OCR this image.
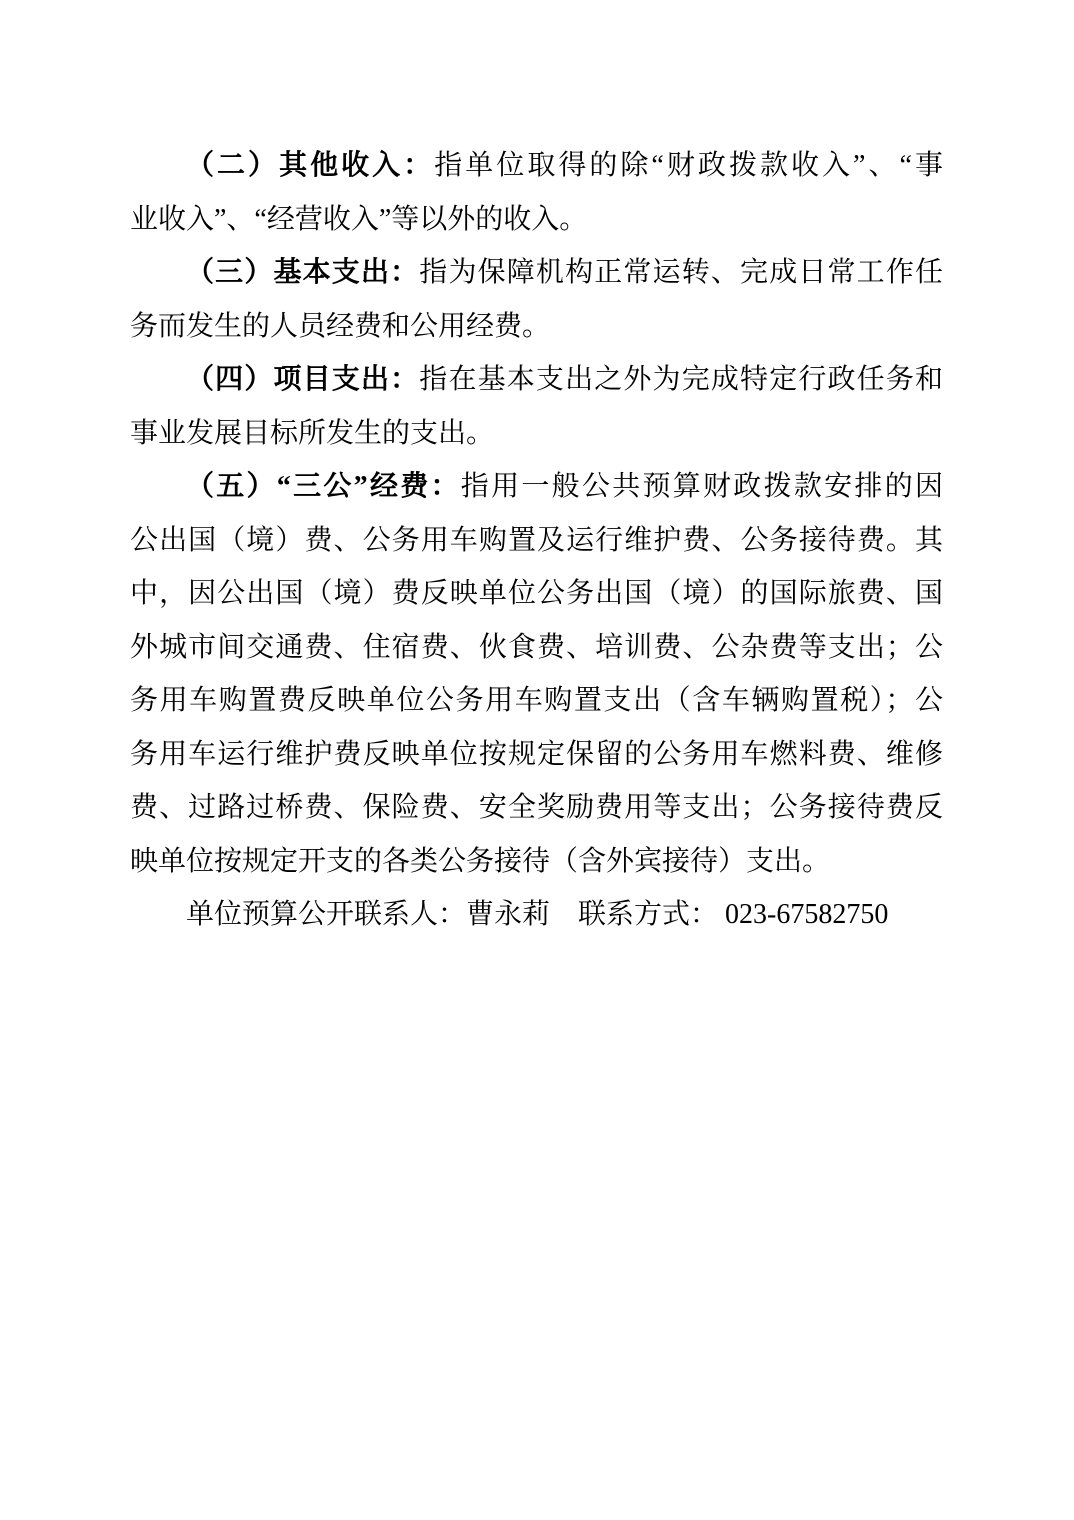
（二）其他收入：指单位取得的除“财政拨款收入”、“事
业收入”、“经营收入”等以外的收入。
（三）基本支出：指为保障机构正常运转、完成日常工作任
务而发生的人员经费和公用经费。
（四）项目支出：指在基本支出之外为完成特定行政任务和
事业发展目标所发生的支出。
（五）“三公”经费：指用一般公共预算财政拨款安排的因
公出国（境）费、公务用车购置及运行维护费、公务接待费。其
中，因公出国（境）费反映单位公务出国（境）的国际旅费、国
外城市间交通费、住宿费、伙食费、培训费、公杂费等支出；公
务用车购置费反映单位公务用车购置支出（含车辆购置税）；公
务用车运行维护费反映单位按规定保留的公务用车燃料费、维修
费、过路过桥费、保险费、安全奖励费用等支出；公务接待费反
映单位按规定开支的各类公务接待（含外宾接待）支出。
单位预算公开联系人：曹永莉　联系方式： 023-67582750
